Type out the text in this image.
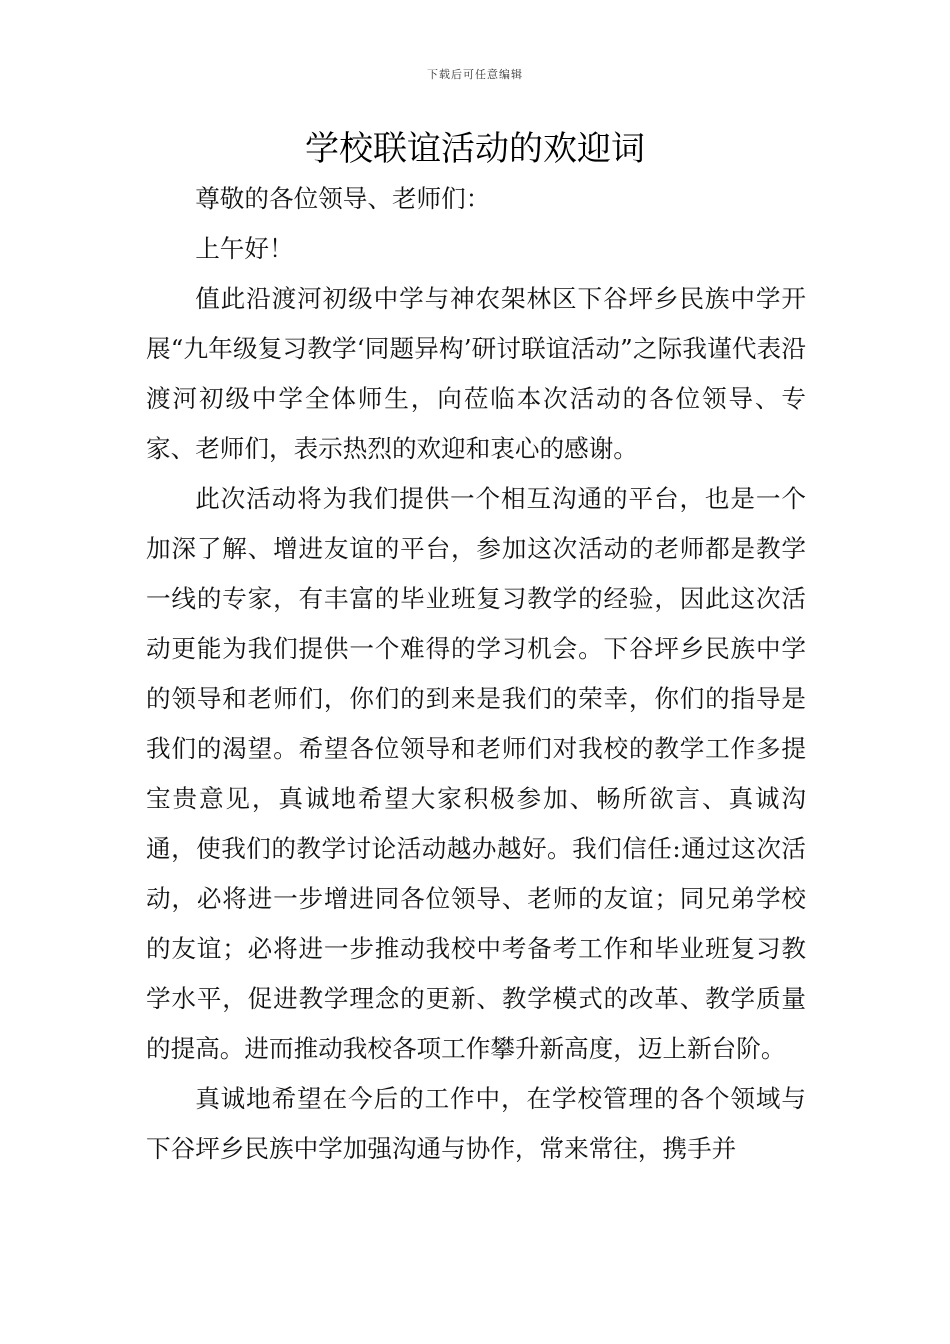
下载后可任意编辑
学校联谊活动的欢迎词

尊敬的各位领导、老师们：

上午好！

值此沿渡河初级中学与神农架林区下谷坪乡民族中学开展“九年级复习教学‘同题异构’研讨联谊活动”之际我谨代表沿渡河初级中学全体师生，向莅临本次活动的各位领导、专家、老师们，表示热烈的欢迎和衷心的感谢。

此次活动将为我们提供一个相互沟通的平台，也是一个加深了解、增进友谊的平台，参加这次活动的老师都是教学一线的专家，有丰富的毕业班复习教学的经验，因此这次活动更能为我们提供一个难得的学习机会。下谷坪乡民族中学的领导和老师们，你们的到来是我们的荣幸，你们的指导是我们的渴望。希望各位领导和老师们对我校的教学工作多提宝贵意见，真诚地希望大家积极参加、畅所欲言、真诚沟通，使我们的教学讨论活动越办越好。我们信任:通过这次活动，必将进一步增进同各位领导、老师的友谊；同兄弟学校的友谊；必将进一步推动我校中考备考工作和毕业班复习教学水平，促进教学理念的更新、教学模式的改革、教学质量的提高。进而推动我校各项工作攀升新高度，迈上新台阶。

真诚地希望在今后的工作中，在学校管理的各个领域与下谷坪乡民族中学加强沟通与协作，常来常往，携手并
